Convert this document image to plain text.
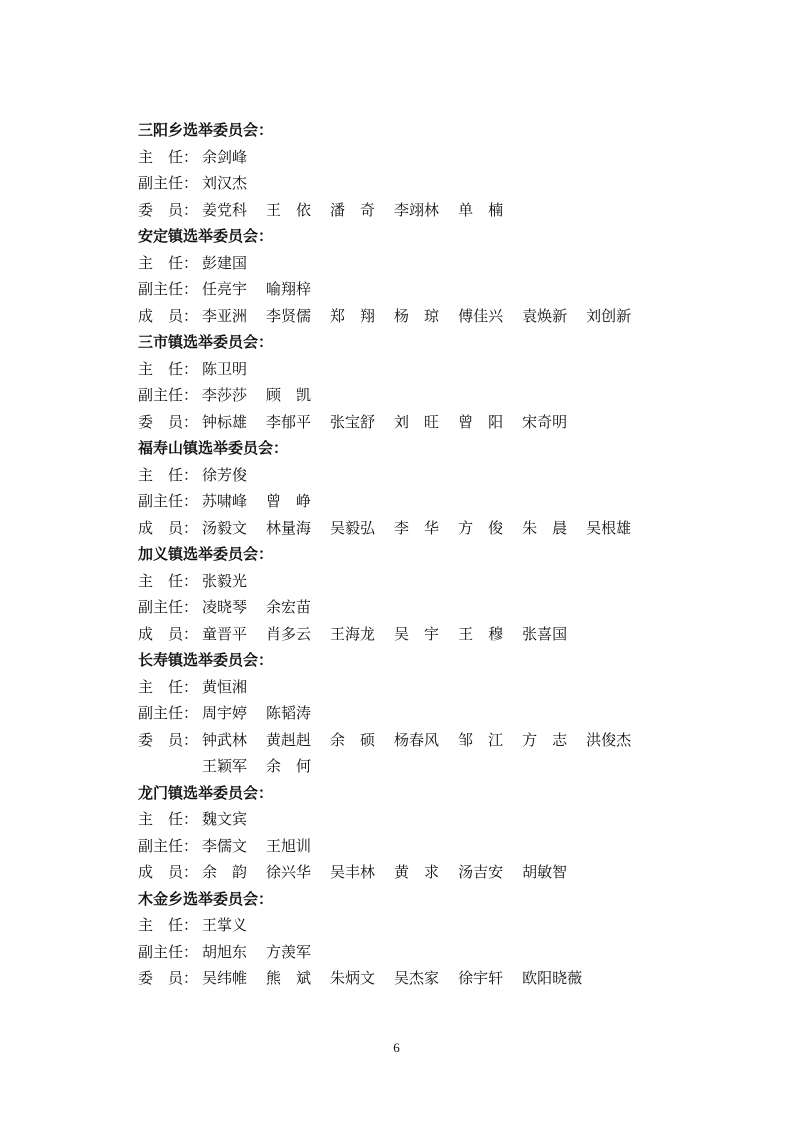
三阳乡选举委员会：
主　任： 余剑峰
副主任： 刘汉杰
委　员： 姜党科 王　依 潘　奇 李翊林 单　楠
安定镇选举委员会：
主　任： 彭建国
副主任： 任亮宇 喻翔梓
成　员： 李亚洲 李贤儒 郑　翔 杨　琼 傅佳兴 袁焕新 刘创新
三市镇选举委员会：
主　任： 陈卫明
副主任： 李莎莎 顾　凯
委　员： 钟标雄 李郁平 张宝舒 刘　旺 曾　阳 宋奇明
福寿山镇选举委员会：
主　任： 徐芳俊
副主任： 苏啸峰 曾　峥
成　员： 汤毅文 林量海 吴毅弘 李　华 方　俊 朱　晨 吴根雄
加义镇选举委员会：
主　任： 张毅光
副主任： 凌晓琴 余宏苗
成　员： 童晋平 肖多云 王海龙 吴　宇 王　穆 张喜国
长寿镇选举委员会：
主　任： 黄恒湘
副主任： 周宇婷 陈韬涛
委　员： 钟武林 黄赳赳 余　硕 杨春风 邹　江 方　志 洪俊杰
王颖军 余　何
龙门镇选举委员会：
主　任： 魏文宾
副主任： 李儒文 王旭训
成　员： 余　韵 徐兴华 吴丰林 黄　求 汤吉安 胡敏智
木金乡选举委员会：
主　任： 王掌义
副主任： 胡旭东 方羡军
委　员： 吴纬帷 熊　斌 朱炳文 吴杰家 徐宇轩 欧阳晓薇
6
